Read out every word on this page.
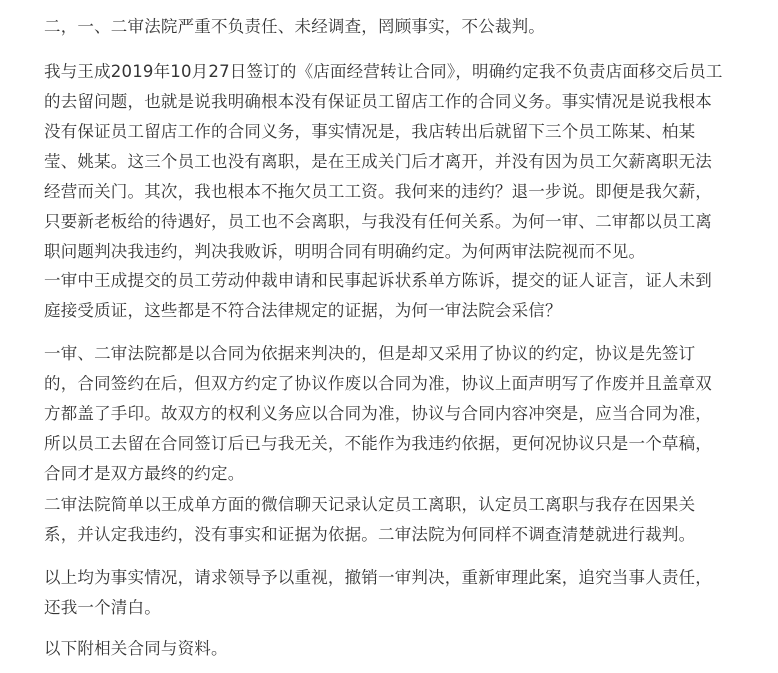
二，一、二审法院严重不负责任、未经调查，罔顾事实，不公裁判。
我与王成2019年10月27日签订的《店面经营转让合同》，明确约定我不负责店面移交后员工
的去留问题，也就是说我明确根本没有保证员工留店工作的合同义务。事实情况是说我根本
没有保证员工留店工作的合同义务，事实情况是，我店转出后就留下三个员工陈某、柏某
莹、姚某。这三个员工也没有离职，是在王成关门后才离开，并没有因为员工欠薪离职无法
经营而关门。其次，我也根本不拖欠员工工资。我何来的违约？退一步说。即便是我欠薪，
只要新老板给的待遇好，员工也不会离职，与我没有任何关系。为何一审、二审都以员工离
职问题判决我违约，判决我败诉，明明合同有明确约定。为何两审法院视而不见。
一审中王成提交的员工劳动仲裁申请和民事起诉状系单方陈诉，提交的证人证言，证人未到
庭接受质证，这些都是不符合法律规定的证据，为何一审法院会采信？
一审、二审法院都是以合同为依据来判决的，但是却又采用了协议的约定，协议是先签订
的，合同签约在后，但双方约定了协议作废以合同为准，协议上面声明写了作废并且盖章双
方都盖了手印。故双方的权利义务应以合同为准，协议与合同内容冲突是，应当合同为准，
所以员工去留在合同签订后已与我无关，不能作为我违约依据，更何况协议只是一个草稿，
合同才是双方最终的约定。
二审法院简单以王成单方面的微信聊天记录认定员工离职，认定员工离职与我存在因果关
系，并认定我违约，没有事实和证据为依据。二审法院为何同样不调查清楚就进行裁判。
以上均为事实情况，请求领导予以重视，撤销一审判决，重新审理此案，追究当事人责任，
还我一个清白。
以下附相关合同与资料。
